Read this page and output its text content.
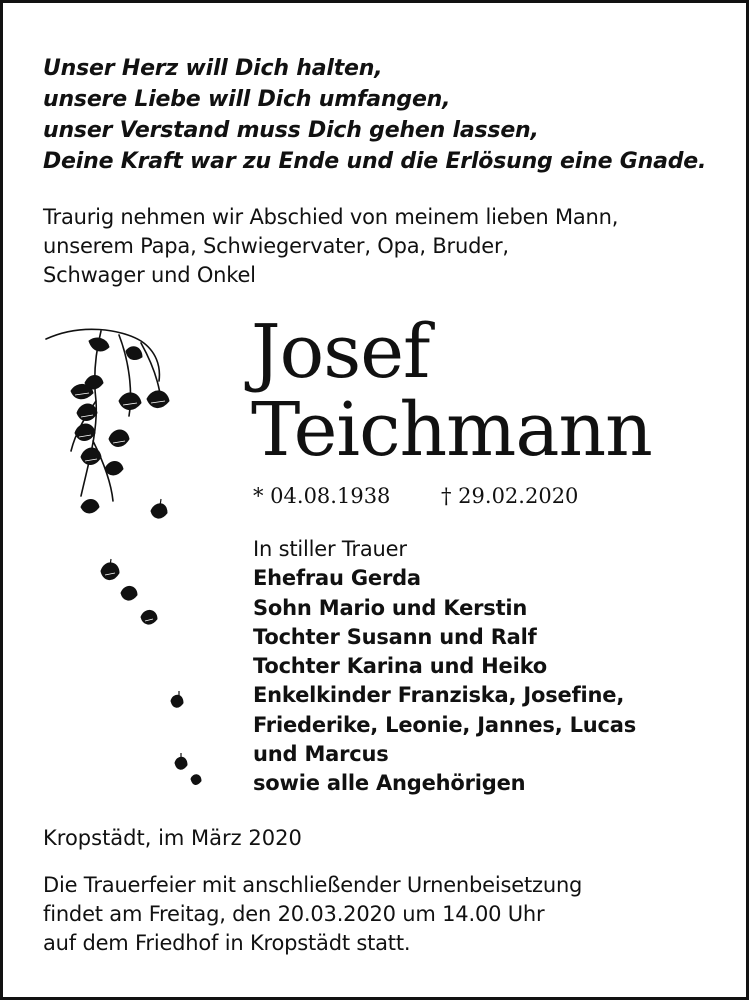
Unser Herz will Dich halten,
unsere Liebe will Dich umfangen,
unser Verstand muss Dich gehen lassen,
Deine Kraft war zu Ende und die Erlösung eine Gnade.
Traurig nehmen wir Abschied von meinem lieben Mann,
unserem Papa, Schwiegervater, Opa, Bruder,
Schwager und Onkel
Josef
Teichmann
* 04.08.1938 † 29.02.2020
In stiller Trauer
Ehefrau Gerda
Sohn Mario und Kerstin
Tochter Susann und Ralf
Tochter Karina und Heiko
Enkelkinder Franziska, Josefine,
Friederike, Leonie, Jannes, Lucas
und Marcus
sowie alle Angehörigen
Kropstädt, im März 2020
Die Trauerfeier mit anschließender Urnenbeisetzung
findet am Freitag, den 20.03.2020 um 14.00 Uhr
auf dem Friedhof in Kropstädt statt.
